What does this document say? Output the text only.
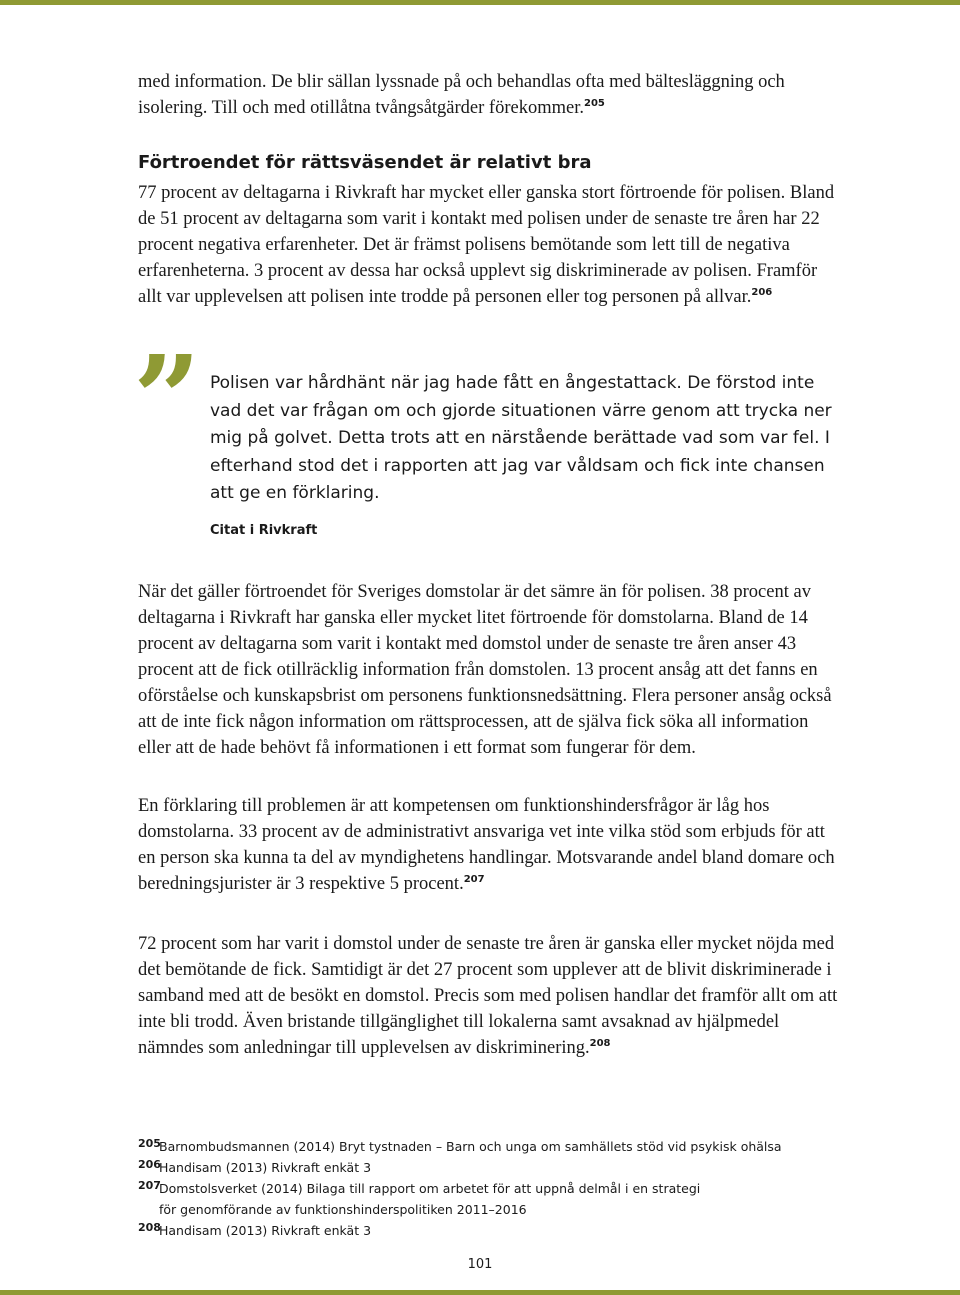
med information. De blir sällan lyssnade på och behandlas ofta med bältesläggning och isolering. Till och med otillåtna tvångsåtgärder förekommer.$^{205}$

Förtroendet för rättsväsendet är relativt bra

77 procent av deltagarna i Rivkraft har mycket eller ganska stort förtroende för polisen. Bland de 51 procent av deltagarna som varit i kontakt med polisen under de senaste tre åren har 22 procent negativa erfarenheter. Det är främst polisens bemötande som lett till de negativa erfarenheterna. 3 procent av dessa har också upplevt sig diskriminerade av polisen. Framför allt var upplevelsen att polisen inte trodde på personen eller tog personen på allvar.$^{206}$

” Polisen var hårdhänt när jag hade fått en ångestattack. De förstod inte vad det var frågan om och gjorde situationen värre genom att trycka ner mig på golvet. Detta trots att en närstående berättade vad som var fel. I efterhand stod det i rapporten att jag var våldsam och fick inte chansen att ge en förklaring.

Citat i Rivkraft

När det gäller förtroendet för Sveriges domstolar är det sämre än för polisen. 38 procent av deltagarna i Rivkraft har ganska eller mycket litet förtroende för domstolarna. Bland de 14 procent av deltagarna som varit i kontakt med domstol under de senaste tre åren anser 43 procent att de fick otillräcklig information från domstolen. 13 procent ansåg att det fanns en oförståelse och kunskapsbrist om personens funktionsnedsättning. Flera personer ansåg också att de inte fick någon information om rättsprocessen, att de själva fick söka all information eller att de hade behövt få informationen i ett format som fungerar för dem.

En förklaring till problemen är att kompetensen om funktionshindersfrågor är låg hos domstolarna. 33 procent av de administrativt ansvariga vet inte vilka stöd som erbjuds för att en person ska kunna ta del av myndighetens handlingar. Motsvarande andel bland domare och beredningsjurister är 3 respektive 5 procent.$^{207}$

72 procent som har varit i domstol under de senaste tre åren är ganska eller mycket nöjda med det bemötande de fick. Samtidigt är det 27 procent som upplever att de blivit diskriminerade i samband med att de besökt en domstol. Precis som med polisen handlar det framför allt om att inte bli trodd. Även bristande tillgänglighet till lokalerna samt avsaknad av hjälpmedel nämndes som anledningar till upplevelsen av diskriminering.$^{208}$

205
Barnombudsmannen (2014) Bryt tystnaden – Barn och unga om samhällets stöd vid psykisk ohälsa
206
Handisam (2013) Rivkraft enkät 3
207
Domstolsverket (2014) Bilaga till rapport om arbetet för att uppnå delmål i en strategi
för genomförande av funktionshinderspolitiken 2011–2016
208
Handisam (2013) Rivkraft enkät 3
101
